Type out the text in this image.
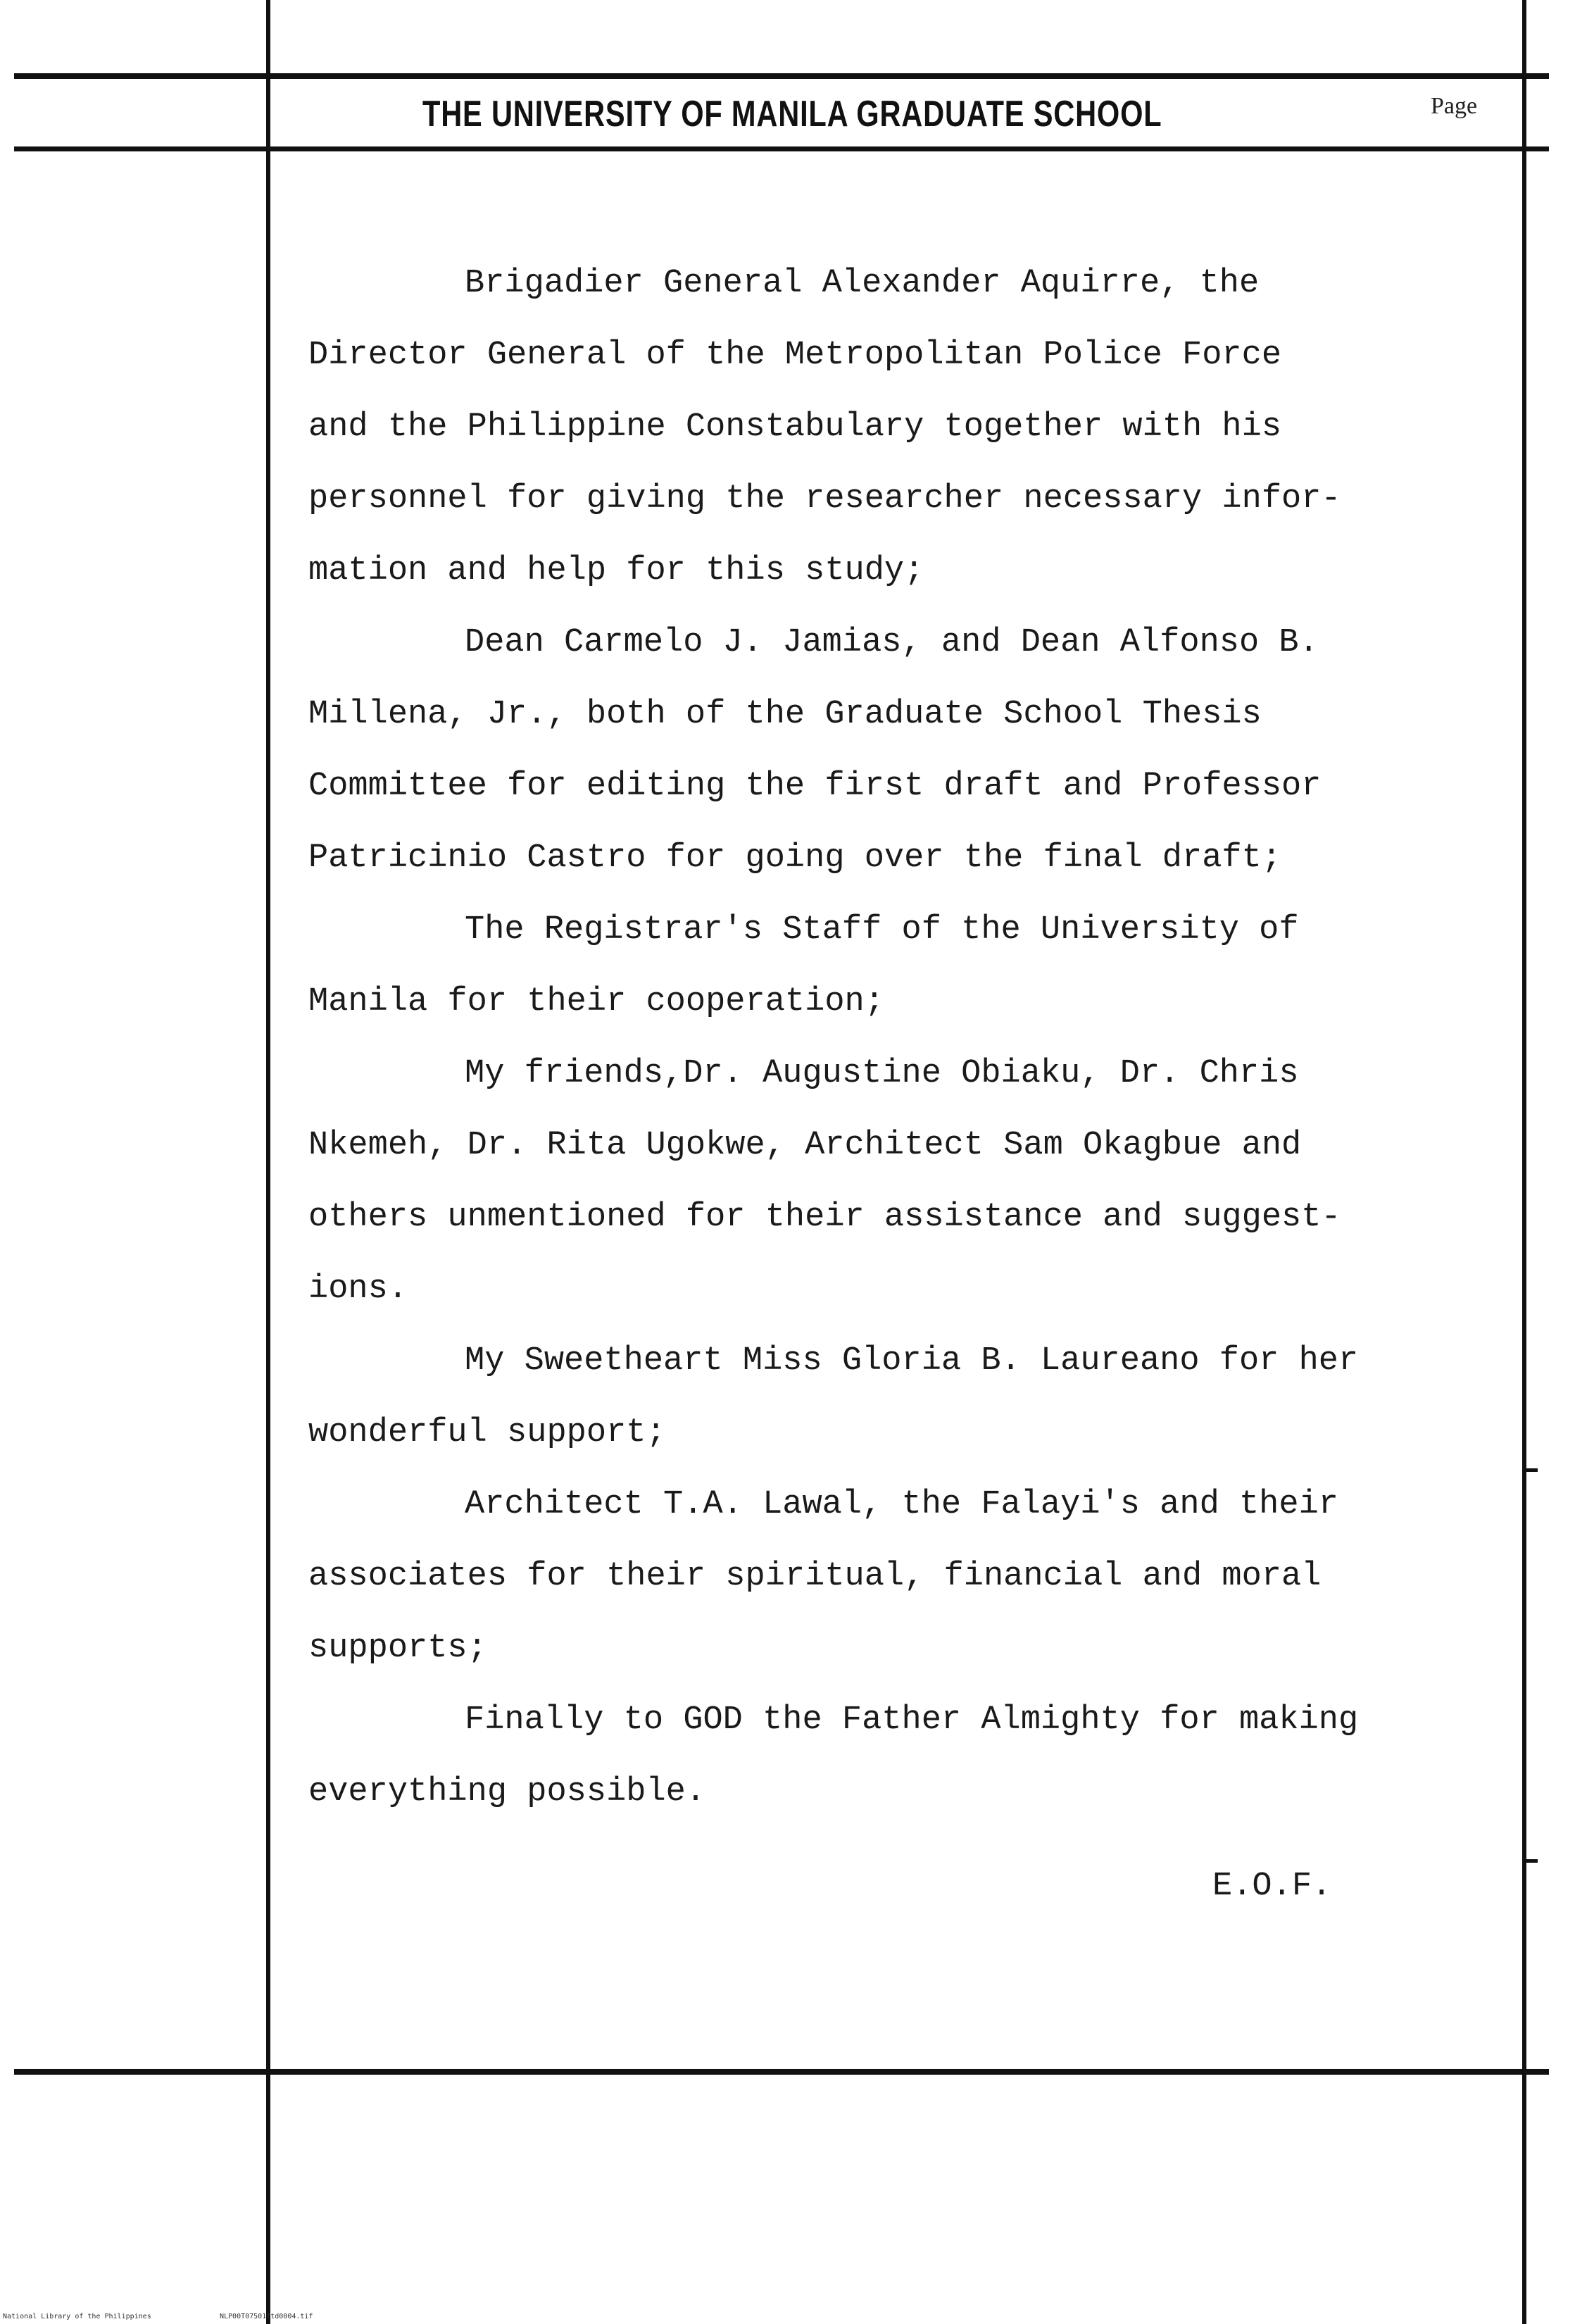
THE UNIVERSITY OF MANILA GRADUATE SCHOOL	Page
Brigadier General Alexander Aquirre, the
Director General of the Metropolitan Police Force
and the Philippine Constabulary together with his
personnel for giving the researcher necessary infor-
mation and help for this study;
Dean Carmelo J. Jamias, and Dean Alfonso B.
Millena, Jr., both of the Graduate School Thesis
Committee for editing the first draft and Professor
Patricinio Castro for going over the final draft;
The Registrar's Staff of the University of
Manila for their cooperation;
My friends,Dr. Augustine Obiaku, Dr. Chris
Nkemeh, Dr. Rita Ugokwe, Architect Sam Okagbue and
others unmentioned for their assistance and suggest-
ions.
My Sweetheart Miss Gloria B. Laureano for her
wonderful support;
Architect T.A. Lawal, the Falayi's and their
associates for their spiritual, financial and moral
supports;
Finally to GOD the Father Almighty for making
everything possible.
E.O.F.
National Library of the Philippines	NLP00T07501ftd0004.tif
